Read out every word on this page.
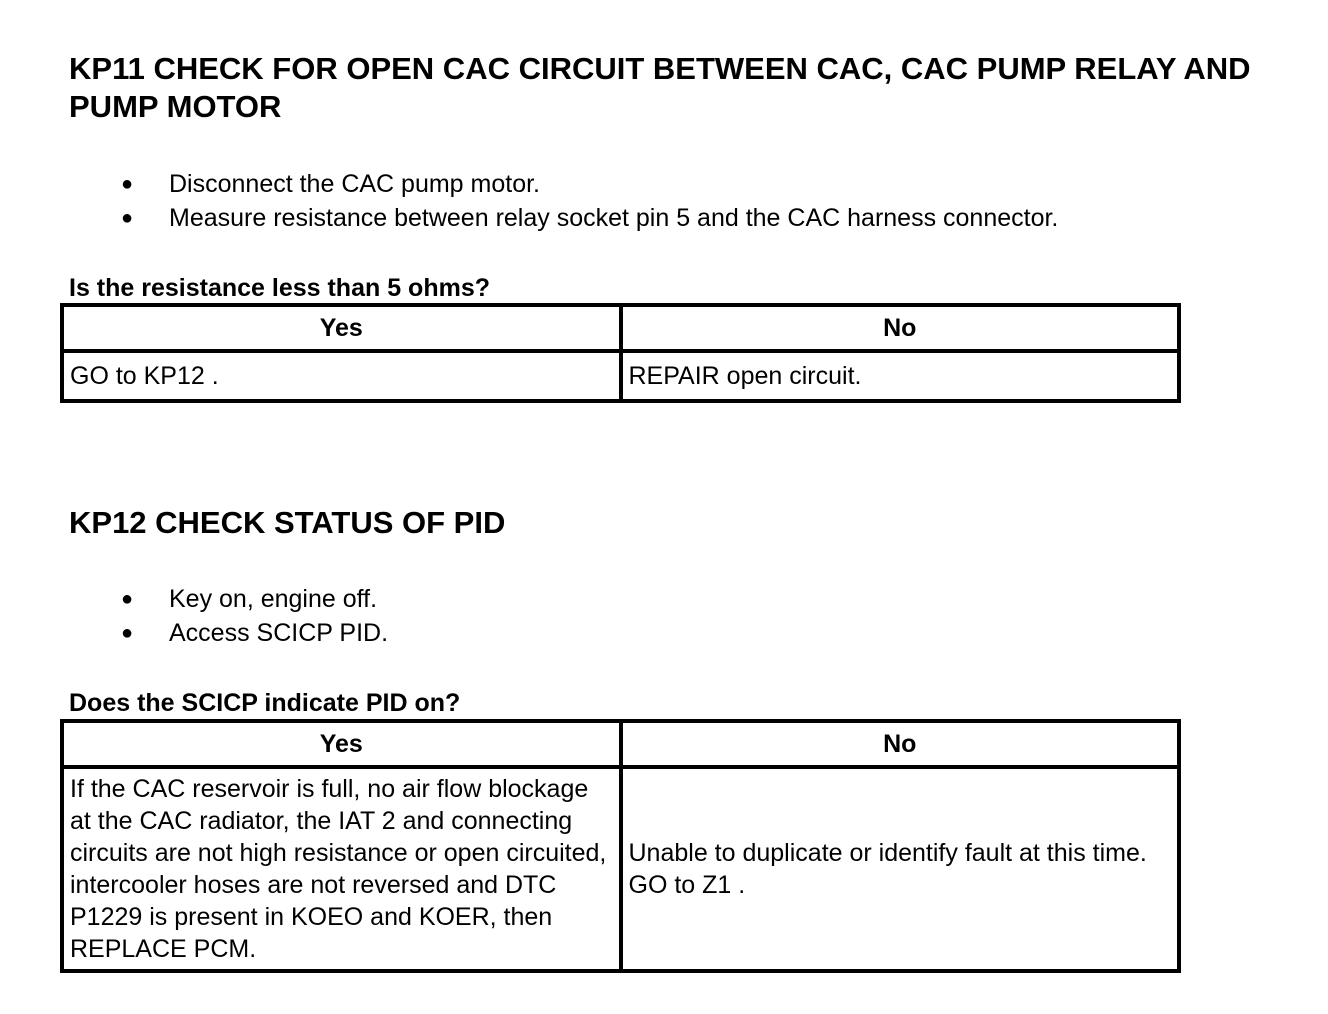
KP11 CHECK FOR OPEN CAC CIRCUIT BETWEEN CAC, CAC PUMP RELAY AND PUMP MOTOR
● Disconnect the CAC pump motor.
● Measure resistance between relay socket pin 5 and the CAC harness connector.

Is the resistance less than 5 ohms?

Yes	No
GO to KP12 .	REPAIR open circuit.
KP12 CHECK STATUS OF PID
● Key on, engine off.
● Access SCICP PID.

Does the SCICP indicate PID on?

Yes	No
If the CAC reservoir is full, no air flow blockage at the CAC radiator, the IAT 2 and connecting circuits are not high resistance or open circuited, intercooler hoses are not reversed and DTC P1229 is present in KOEO and KOER, then REPLACE PCM.	Unable to duplicate or identify fault at this time. GO to Z1 .
